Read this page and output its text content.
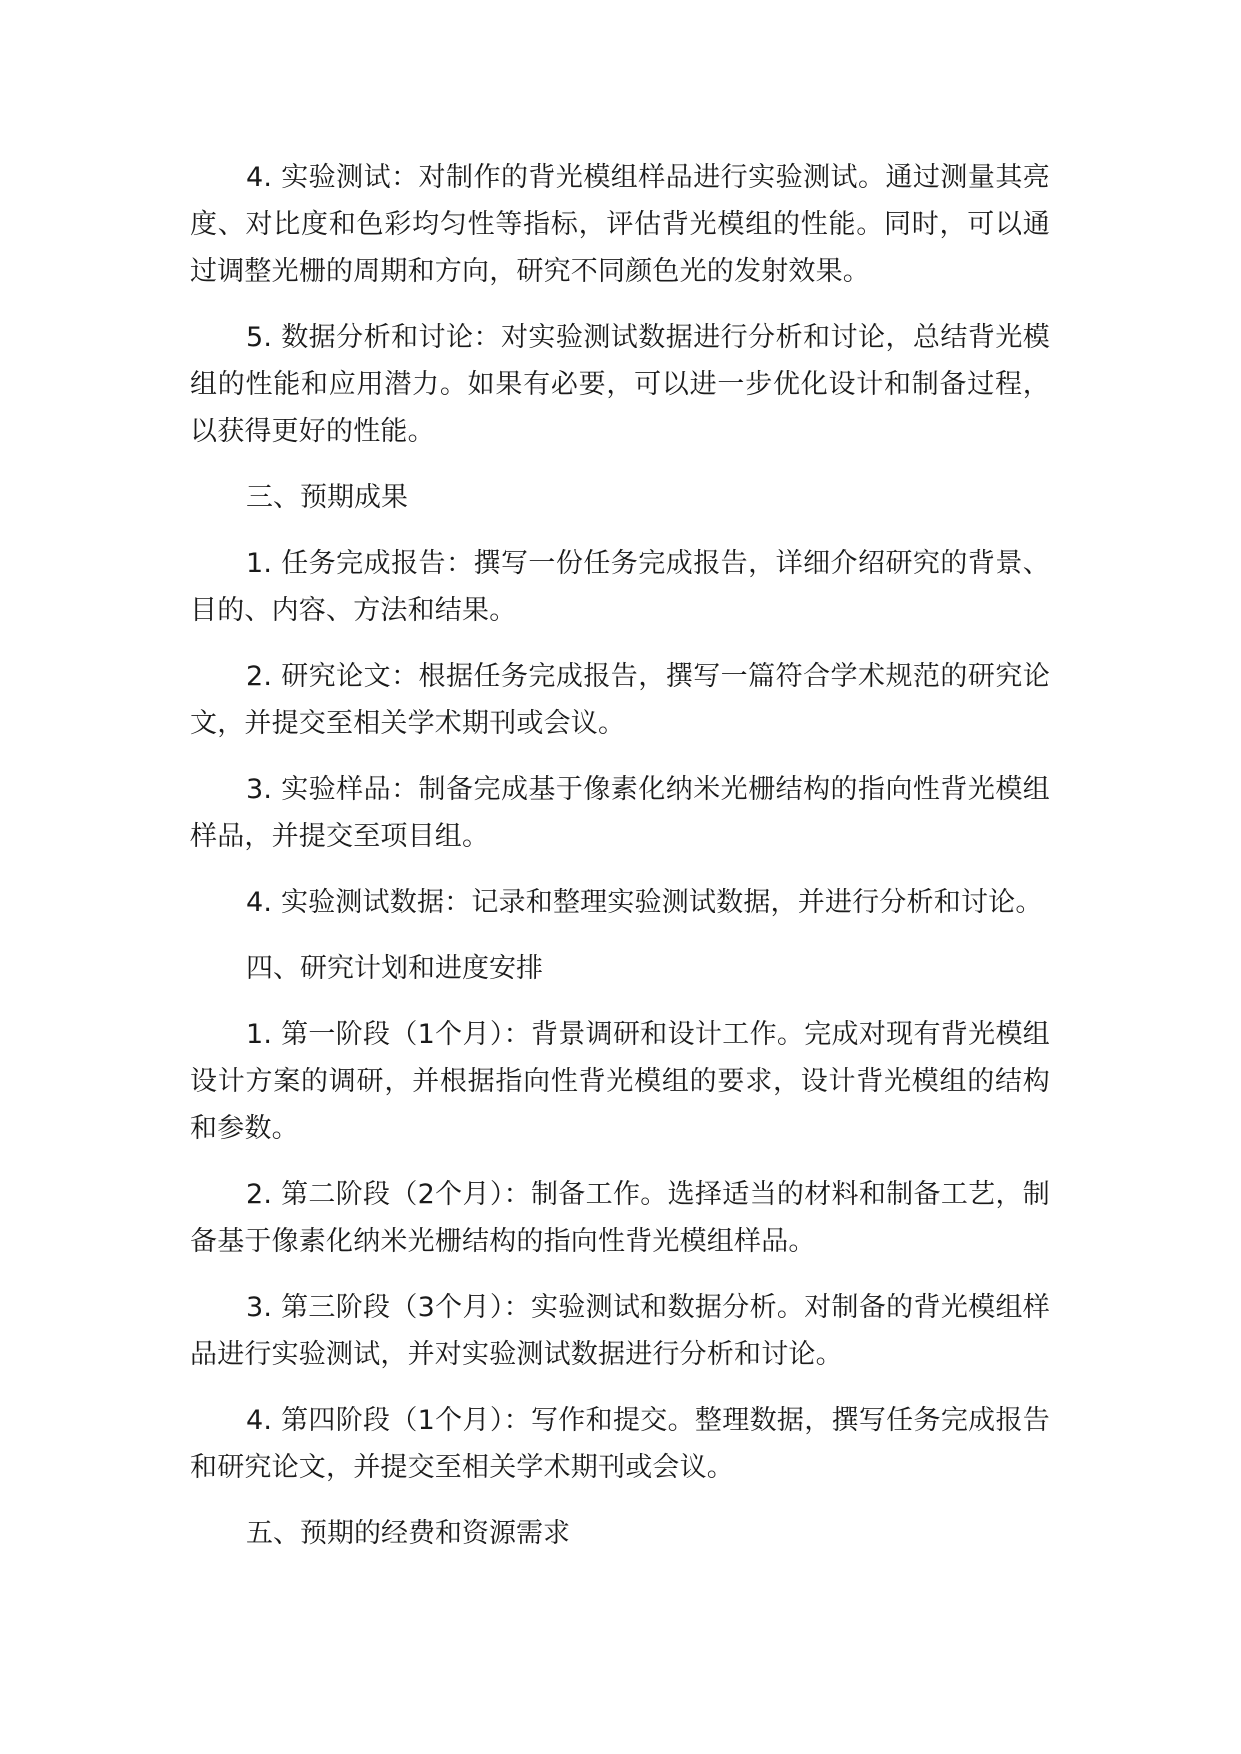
4. 实验测试：对制作的背光模组样品进行实验测试。通过测量其亮度、对比度和色彩均匀性等指标，评估背光模组的性能。同时，可以通过调整光栅的周期和方向，研究不同颜色光的发射效果。

5. 数据分析和讨论：对实验测试数据进行分析和讨论，总结背光模组的性能和应用潜力。如果有必要，可以进一步优化设计和制备过程，以获得更好的性能。

三、预期成果

1. 任务完成报告：撰写一份任务完成报告，详细介绍研究的背景、目的、内容、方法和结果。

2. 研究论文：根据任务完成报告，撰写一篇符合学术规范的研究论文，并提交至相关学术期刊或会议。

3. 实验样品：制备完成基于像素化纳米光栅结构的指向性背光模组样品，并提交至项目组。

4. 实验测试数据：记录和整理实验测试数据，并进行分析和讨论。

四、研究计划和进度安排

1. 第一阶段（1个月）：背景调研和设计工作。完成对现有背光模组设计方案的调研，并根据指向性背光模组的要求，设计背光模组的结构和参数。

2. 第二阶段（2个月）：制备工作。选择适当的材料和制备工艺，制备基于像素化纳米光栅结构的指向性背光模组样品。

3. 第三阶段（3个月）：实验测试和数据分析。对制备的背光模组样品进行实验测试，并对实验测试数据进行分析和讨论。

4. 第四阶段（1个月）：写作和提交。整理数据，撰写任务完成报告和研究论文，并提交至相关学术期刊或会议。

五、预期的经费和资源需求
